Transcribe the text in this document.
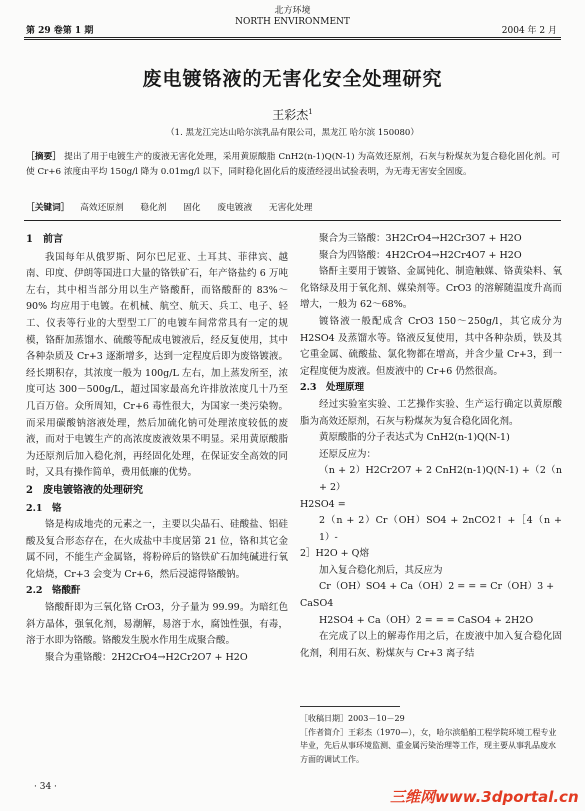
北方环境
NORTH ENVIRONMENT
第 29 卷第 1 期	2004 年 2 月
废电镀铬液的无害化安全处理研究
王彩杰$^1$
（1. 黑龙江完达山哈尔滨乳品有限公司，黑龙江 哈尔滨 150080）
［摘要］ 提出了用于电镀生产的废液无害化处理，采用黄原酸脂 CnH2(n-1)Q(N-1) 为高效还原剂，石灰与粉煤灰为复合稳化固化剂。可使 Cr+6 浓度由平均 150g/l 降为 0.01mg/l 以下，同时稳化固化后的废渣经浸出试验表明，为无毒无害安全固废。
［关键词］ 高效还原剂 稳化剂 固化 废电镀液 无害化处理

1　前言

我国每年从俄罗斯、阿尔巴尼亚、土耳其、菲律宾、越南、印度、伊朗等国进口大量的铬铁矿石，年产铬盐约 6 万吨左右，其中相当部分用以生产铬酸酐，而铬酸酐的 83%～90% 均应用于电镀。在机械、航空、航天、兵工、电子、轻工、仪表等行业的大型型工厂的电镀车间常常具有一定的规模，铬酐加蒸馏水、硫酸等配成电镀液后，经反复使用，其中各种杂质及 Cr+3 逐渐增多，达到一定程度后即为废铬镀液。经长期积存，其浓度一般为 100g/L 左右，加上蒸发所至，浓度可达 300－500g/L，超过国家最高允许排放浓度几十乃至几百万倍。众所周知，Cr+6 毒性很大，为国家一类污染物。而采用碳酸钠溶液处理，然后加硫化钠可处理浓度较低的废液，而对于电镀生产的高浓度废液效果不明显。采用黄原酸脂为还原剂后加入稳化剂，再经固化处理，在保证安全高效的同时，又具有操作简单，费用低廉的优势。

2　废电镀铬液的处理研究

2.1　铬

铬是构成地壳的元素之一，主要以尖晶石、硅酸盐、铝硅酸及复合形态存在，在火成盐中丰度居第 21 位，铬和其它金属不同，不能生产金属铬，将粉碎后的铬铁矿石加纯碱进行氧化焙烧，Cr+3 会变为 Cr+6，然后浸滤得铬酸钠。

2.2　铬酸酐

铬酸酐即为三氧化铬 CrO3，分子量为 99.99。为暗红色斜方晶体，强氧化剂，易潮解，易溶于水，腐蚀性强，有毒，溶于水即为铬酸。铬酸发生脱水作用生成聚合酸。

聚合为重铬酸：2H2CrO4→H2Cr2O7 + H2O

聚合为三铬酸：3H2CrO4→H2Cr3O7 + H2O

聚合为四铬酸：4H2CrO4→H2Cr4O7 + H2O

铬酐主要用于镀铬、金属钝化、制造触媒、铬黄染料、氧化铬绿及用于氧化剂、媒染剂等。CrO3 的溶解随温度升高而增大，一般为 62～68%。

镀铬液一般配成含 CrO3 150～250g/l，其它成分为 H2SO4 及蒸馏水等。铬液反复使用，其中各种杂质，铁及其它重金属、硫酸盐、氯化物都在增高，并含少量 Cr+3，到一定程度便为废液。但废液中的 Cr+6 仍然很高。

2.3　处理原理

经过实验室实验、工艺操作实验、生产运行确定以黄原酸脂为高效还原剂，石灰与粉煤灰为复合稳化固化剂。

黄原酸脂的分子表达式为 CnH2(n-1)Q(N-1)

还原反应为：

（n + 2）H2Cr2O7 + 2 CnH2(n-1)Q(N-1) +（2（n + 2）

H2SO4 =

2（n + 2）Cr（OH）SO4 + 2nCO2↑ +［4（n + 1）-

2］H2O + Q熔

加入复合稳化剂后，其反应为

Cr（OH）SO4 + Ca（OH）2 = = = Cr（OH）3 +

CaSO4

H2SO4 + Ca（OH）2 = = = CaSO4 + 2H2O

在完成了以上的解毒作用之后，在废液中加入复合稳化固化剂，利用石灰、粉煤灰与 Cr+3 离子结

［收稿日期］2003－10－29
［作者简介］王彩杰（1970—），女，哈尔滨船舶工程学院环境工程专业毕业，先后从事环境监测、重金属污染治理等工作，现主要从事乳品废水方面的调试工作。
· 34 ·
三维网www.3dportal.cn
